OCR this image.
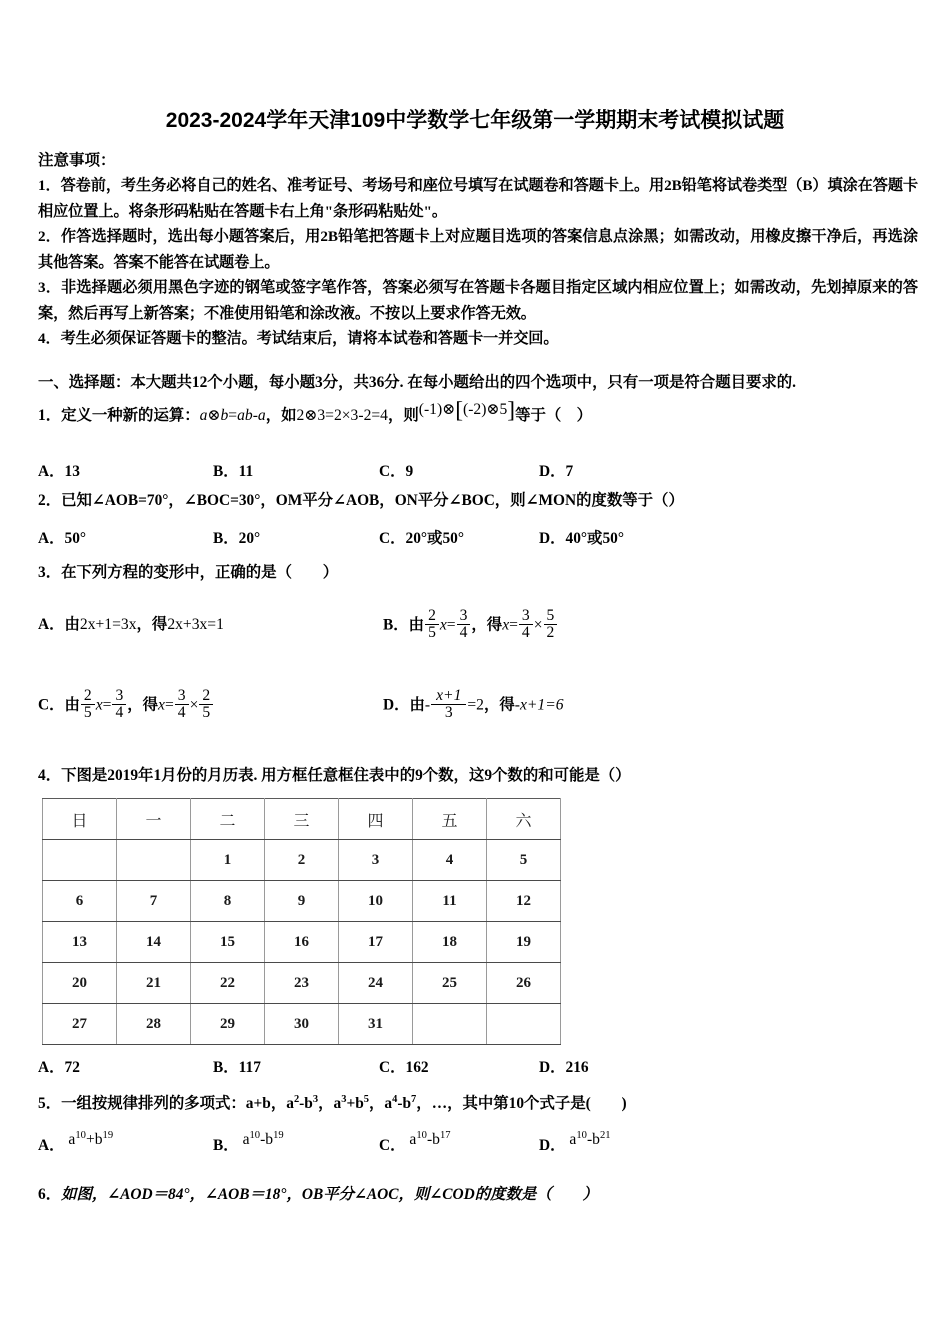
2023-2024学年天津109中学数学七年级第一学期期末考试模拟试题
注意事项：
1．答卷前，考生务必将自己的姓名、准考证号、考场号和座位号填写在试题卷和答题卡上。用2B铅笔将试卷类型（B）填涂在答题卡相应位置上。将条形码粘贴在答题卡右上角"条形码粘贴处"。
2．作答选择题时，选出每小题答案后，用2B铅笔把答题卡上对应题目选项的答案信息点涂黑；如需改动，用橡皮擦干净后，再选涂其他答案。答案不能答在试题卷上。
3．非选择题必须用黑色字迹的钢笔或签字笔作答，答案必须写在答题卡各题目指定区域内相应位置上；如需改动，先划掉原来的答案，然后再写上新答案；不准使用铅笔和涂改液。不按以上要求作答无效。
4．考生必须保证答题卡的整洁。考试结束后，请将本试卷和答题卡一并交回。
一、选择题：本大题共12个小题，每小题3分，共36分. 在每小题给出的四个选项中，只有一项是符合题目要求的.
1．定义一种新的运算：a⊗b=ab-a，如2⊗3=2×3-2=4，则(-1)⊗[(-2)⊗5]等于（　）
A．13	B．11	C．9	D．7
2．已知∠AOB=70°，∠BOC=30°，OM平分∠AOB，ON平分∠BOC，则∠MON的度数等于（）
A．50°	B．20°	C．20°或50°	D．40°或50°
3．在下列方程的变形中，正确的是（　　）
A．由2x+1=3x，得2x+3x=1	B．由 $\frac{2}{5} x= \frac{3}{4}$ ，得$x= \frac{3}{4} \times \frac{5}{2}$
C．由 $\frac{2}{5} x= \frac{3}{4}$ ，得$x= \frac{3}{4} \times \frac{2}{5}$	D．由- $\frac{x+1}{3} =2$，得-x+1=6
4．下图是2019年1月份的月历表. 用方框任意框住表中的9个数，这9个数的和可能是（）
日	一	二	三	四	五	六
		1	2	3	4	5
6	7	8	9	10	11	12
13	14	15	16	17	18	19
20	21	22	23	24	25	26
27	28	29	30	31		
A．72	B．117	C．162	D．216
5．一组按规律排列的多项式：a+b，$a^2-b^3$，$a^3+b^5$，$a^4-b^7$，…，其中第10个式子是(　　)
A． $a^{10}+b^{19}$
B． $a^{10}-b^{19}$
C． $a^{10}-b^{17}$
D． $a^{10}-b^{21}$
6．如图，∠AOD＝84°，∠AOB＝18°，OB平分∠AOC，则∠COD的度数是（　　）
